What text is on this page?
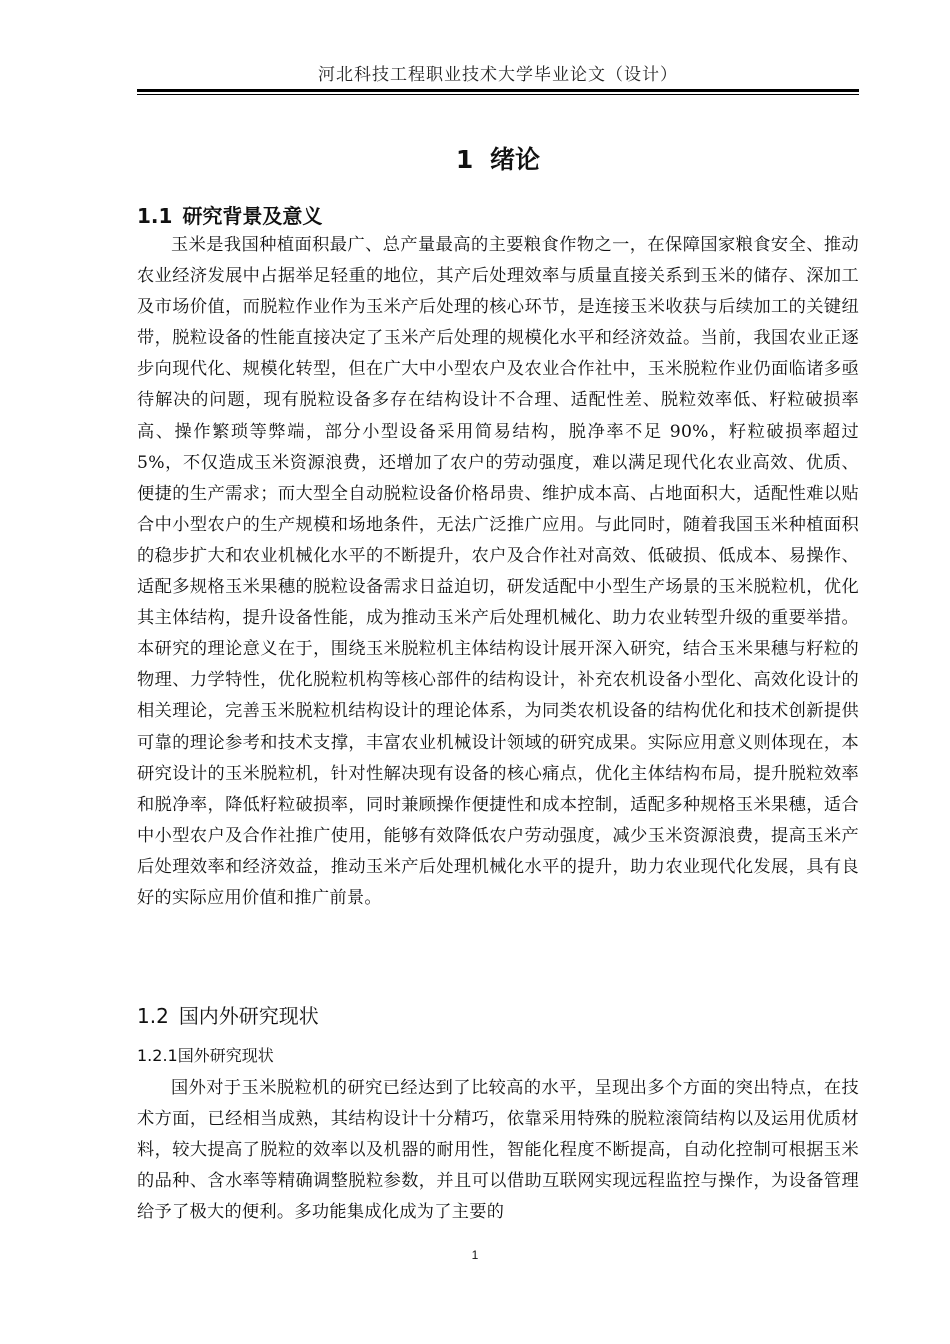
河北科技工程职业技术大学毕业论文（设计）
1 绪论
1.1 研究背景及意义
玉米是我国种植面积最广、总产量最高的主要粮食作物之一，在保障国家粮食安全、推动农业经济发展中占据举足轻重的地位，其产后处理效率与质量直接关系到玉米的储存、深加工及市场价值，而脱粒作业作为玉米产后处理的核心环节，是连接玉米收获与后续加工的关键纽带，脱粒设备的性能直接决定了玉米产后处理的规模化水平和经济效益。当前，我国农业正逐步向现代化、规模化转型，但在广大中小型农户及农业合作社中，玉米脱粒作业仍面临诸多亟待解决的问题，现有脱粒设备多存在结构设计不合理、适配性差、脱粒效率低、籽粒破损率高、操作繁琐等弊端，部分小型设备采用简易结构，脱净率不足 90%，籽粒破损率超过 5%，不仅造成玉米资源浪费，还增加了农户的劳动强度，难以满足现代化农业高效、优质、便捷的生产需求；而大型全自动脱粒设备价格昂贵、维护成本高、占地面积大，适配性难以贴合中小型农户的生产规模和场地条件，无法广泛推广应用。与此同时，随着我国玉米种植面积的稳步扩大和农业机械化水平的不断提升，农户及合作社对高效、低破损、低成本、易操作、适配多规格玉米果穗的脱粒设备需求日益迫切，研发适配中小型生产场景的玉米脱粒机，优化其主体结构，提升设备性能，成为推动玉米产后处理机械化、助力农业转型升级的重要举措。本研究的理论意义在于，围绕玉米脱粒机主体结构设计展开深入研究，结合玉米果穗与籽粒的物理、力学特性，优化脱粒机构等核心部件的结构设计，补充农机设备小型化、高效化设计的相关理论，完善玉米脱粒机结构设计的理论体系，为同类农机设备的结构优化和技术创新提供可靠的理论参考和技术支撑，丰富农业机械设计领域的研究成果。实际应用意义则体现在，本研究设计的玉米脱粒机，针对性解决现有设备的核心痛点，优化主体结构布局，提升脱粒效率和脱净率，降低籽粒破损率，同时兼顾操作便捷性和成本控制，适配多种规格玉米果穗，适合中小型农户及合作社推广使用，能够有效降低农户劳动强度，减少玉米资源浪费，提高玉米产后处理效率和经济效益，推动玉米产后处理机械化水平的提升，助力农业现代化发展，具有良好的实际应用价值和推广前景。
1.2 国内外研究现状
1.2.1国外研究现状
国外对于玉米脱粒机的研究已经达到了比较高的水平，呈现出多个方面的突出特点，在技术方面，已经相当成熟，其结构设计十分精巧，依靠采用特殊的脱粒滚筒结构以及运用优质材料，较大提高了脱粒的效率以及机器的耐用性，智能化程度不断提高，自动化控制可根据玉米的品种、含水率等精确调整脱粒参数，并且可以借助互联网实现远程监控与操作，为设备管理给予了极大的便利。多功能集成化成为了主要的
1
